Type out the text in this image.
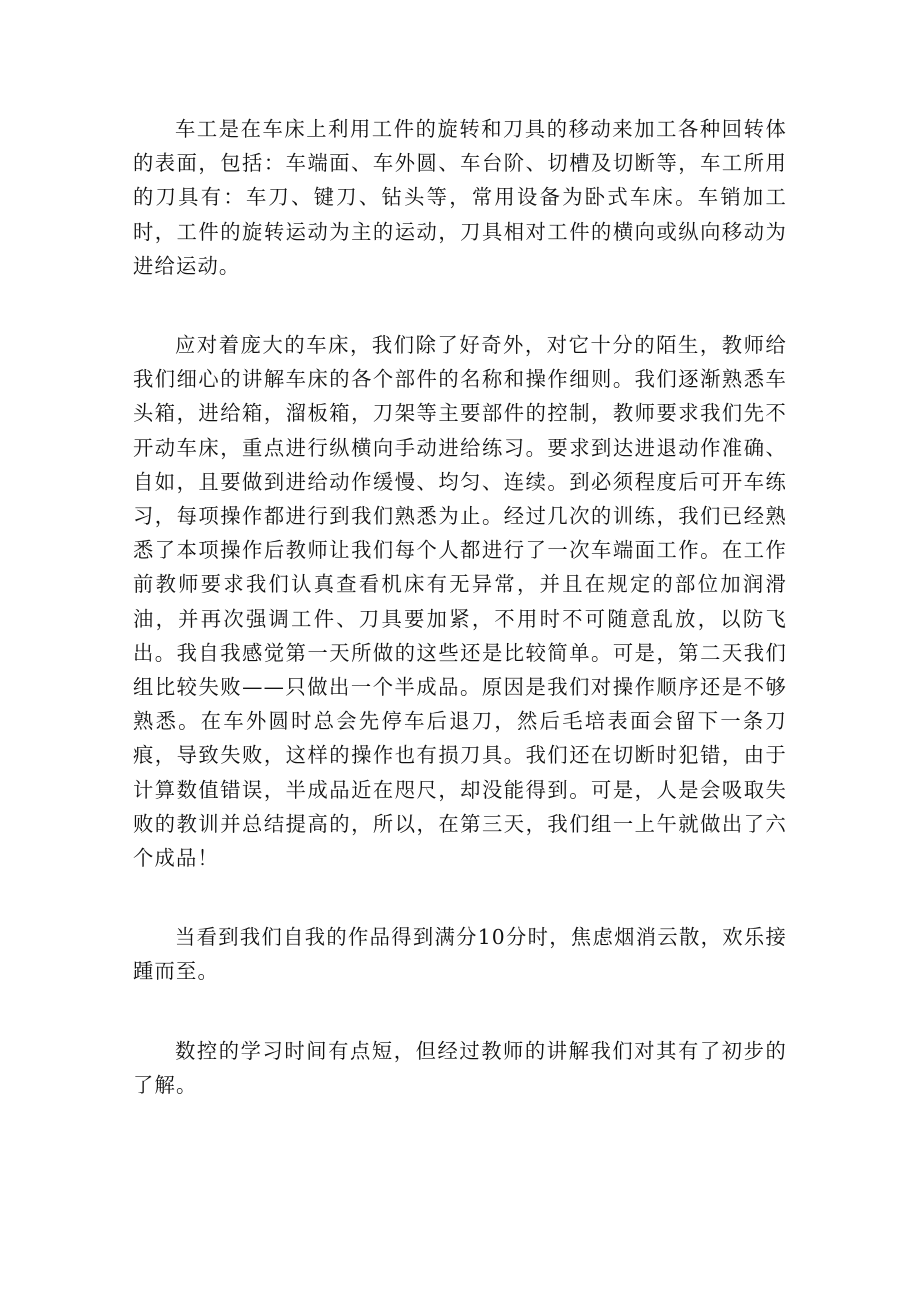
车工是在车床上利用工件的旋转和刀具的移动来加工各种回转体的表面，包括：车端面、车外圆、车台阶、切槽及切断等，车工所用的刀具有：车刀、键刀、钻头等，常用设备为卧式车床。车销加工时，工件的旋转运动为主的运动，刀具相对工件的横向或纵向移动为进给运动。

应对着庞大的车床，我们除了好奇外，对它十分的陌生，教师给我们细心的讲解车床的各个部件的名称和操作细则。我们逐渐熟悉车头箱，进给箱，溜板箱，刀架等主要部件的控制，教师要求我们先不开动车床，重点进行纵横向手动进给练习。要求到达进退动作准确、自如，且要做到进给动作缓慢、均匀、连续。到必须程度后可开车练习，每项操作都进行到我们熟悉为止。经过几次的训练，我们已经熟悉了本项操作后教师让我们每个人都进行了一次车端面工作。在工作前教师要求我们认真查看机床有无异常，并且在规定的部位加润滑油，并再次强调工件、刀具要加紧，不用时不可随意乱放，以防飞出。我自我感觉第一天所做的这些还是比较简单。可是，第二天我们组比较失败——只做出一个半成品。原因是我们对操作顺序还是不够熟悉。在车外圆时总会先停车后退刀，然后毛培表面会留下一条刀痕，导致失败，这样的操作也有损刀具。我们还在切断时犯错，由于计算数值错误，半成品近在咫尺，却没能得到。可是，人是会吸取失败的教训并总结提高的，所以，在第三天，我们组一上午就做出了六个成品！

当看到我们自我的作品得到满分10分时，焦虑烟消云散，欢乐接踵而至。

数控的学习时间有点短，但经过教师的讲解我们对其有了初步的了解。
